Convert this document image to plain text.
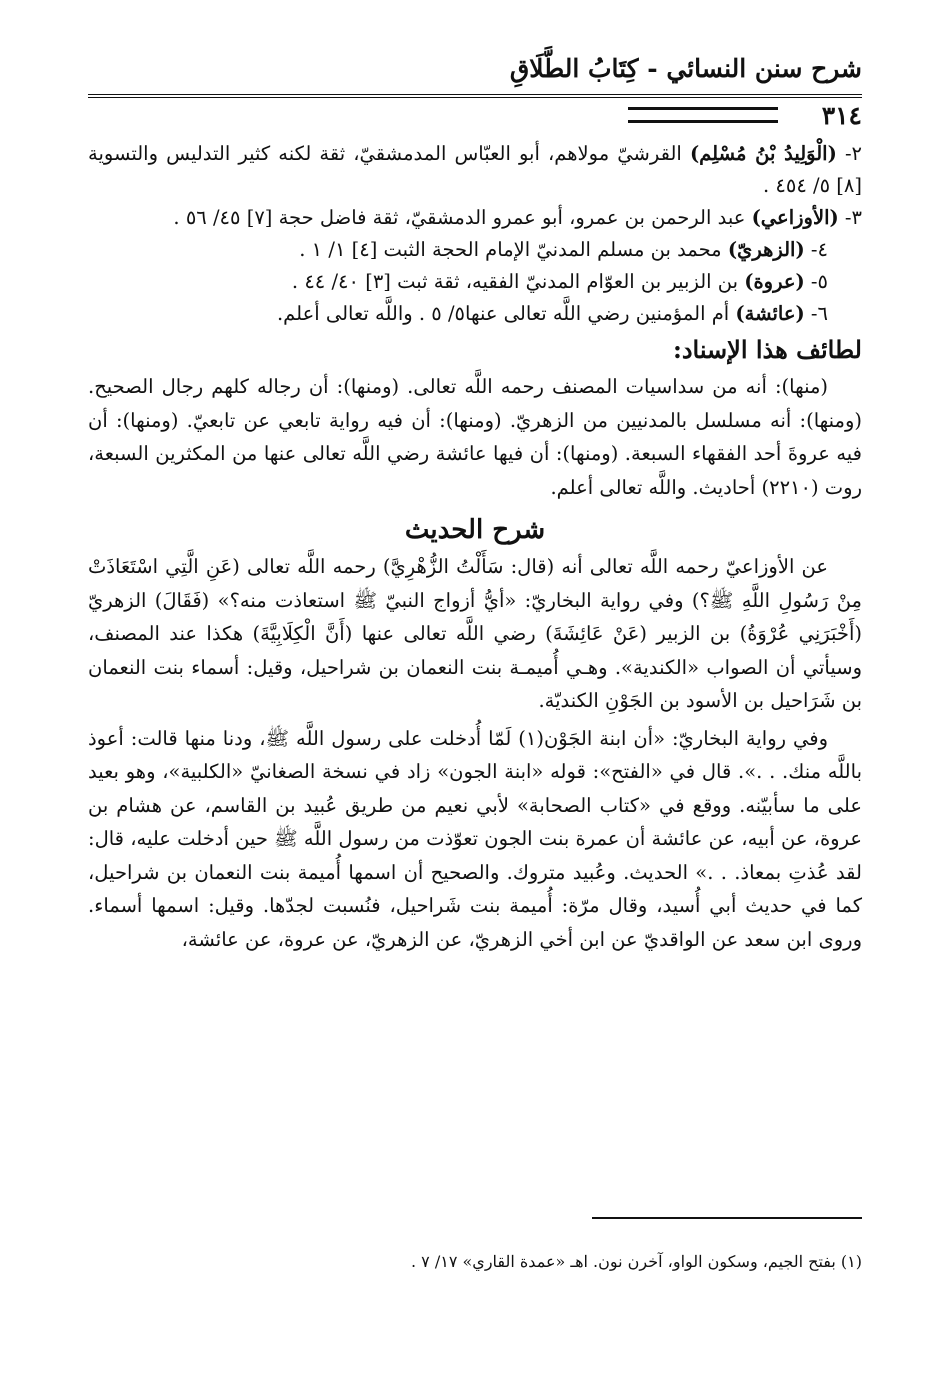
شرح سنن النسائي - كِتَابُ الطَّلَاقِ
٣١٤

٢- (الْوَلِيدُ بْنُ مُسْلِم) القرشيّ مولاهم، أبو العبّاس المدمشقيّ، ثقة لكنه كثير التدليس والتسوية [٨] ٥/ ٤٥٤ .

٣- (الأوزاعي) عبد الرحمن بن عمرو، أبو عمرو الدمشقيّ، ثقة فاضل حجة [٧] ٤٥/ ٥٦ .

٤- (الزهريّ) محمد بن مسلم المدنيّ الإمام الحجة الثبت [٤] ١/ ١ .

٥- (عروة) بن الزبير بن العوّام المدنيّ الفقيه، ثقة ثبت [٣] ٤٠/ ٤٤ .

٦- (عائشة) أم المؤمنين رضي اللَّه تعالى عنها٥/ ٥ . واللَّه تعالى أعلم.

لطائف هذا الإسناد:

(منها): أنه من سداسيات المصنف رحمه اللَّه تعالى. (ومنها): أن رجاله كلهم رجال الصحيح. (ومنها): أنه مسلسل بالمدنيين من الزهريّ. (ومنها): أن فيه رواية تابعي عن تابعيّ. (ومنها): أن فيه عروةَ أحد الفقهاء السبعة. (ومنها): أن فيها عائشة رضي اللَّه تعالى عنها من المكثرين السبعة، روت (٢٢١٠) أحاديث. واللَّه تعالى أعلم.

شرح الحديث

عن الأوزاعيّ رحمه اللَّه تعالى أنه (قال: سَأَلْتُ الزُّهْرِيَّ) رحمه اللَّه تعالى (عَنِ الَّتِي اسْتَعَاذَتْ مِنْ رَسُولِ اللَّهِ ﷺ؟) وفي رواية البخاريّ: «أيُّ أزواج النبيّ ﷺ استعاذت منه؟» (فَقَالَ) الزهريّ (أَخْبَرَنِي عُرْوَةُ) بن الزبير (عَنْ عَائِشَةَ) رضي اللَّه تعالى عنها (أَنَّ الْكِلَابِيَّةَ) هكذا عند المصنف، وسيأتي أن الصواب «الكندية». وهـي أُميمـة بنت النعمان بن شراحيل، وقيل: أسماء بنت النعمان بن شَرَاحيل بن الأسود بن الجَوْنِ الكنديّة.

وفي رواية البخاريّ: «أن ابنة الجَوْن(١) لَمّا أُدخلت على رسول اللَّه ﷺ، ودنا منها قالت: أعوذ باللَّه منك. . .». قال في «الفتح»: قوله «ابنة الجون» زاد في نسخة الصغانيّ «الكلبية»، وهو بعيد على ما سأبيّنه. ووقع في «كتاب الصحابة» لأبي نعيم من طريق عُبيد بن القاسم، عن هشام بن عروة، عن أبيه، عن عائشة أن عمرة بنت الجون تعوّذت من رسول اللَّه ﷺ حين أدخلت عليه، قال: لقد عُذتِ بمعاذ. . .» الحديث. وعُبيد متروك. والصحيح أن اسمها أُميمة بنت النعمان بن شراحيل، كما في حديث أبي أُسيد، وقال مرّة: أُميمة بنت شَراحيل، فنُسبت لجدّها. وقيل: اسمها أسماء. وروى ابن سعد عن الواقديّ عن ابن أخي الزهريّ، عن الزهريّ، عن عروة، عن عائشة،

(١) بفتح الجيم، وسكون الواو، آخرن نون. اهـ «عمدة القاري» ١٧/ ٧ .
